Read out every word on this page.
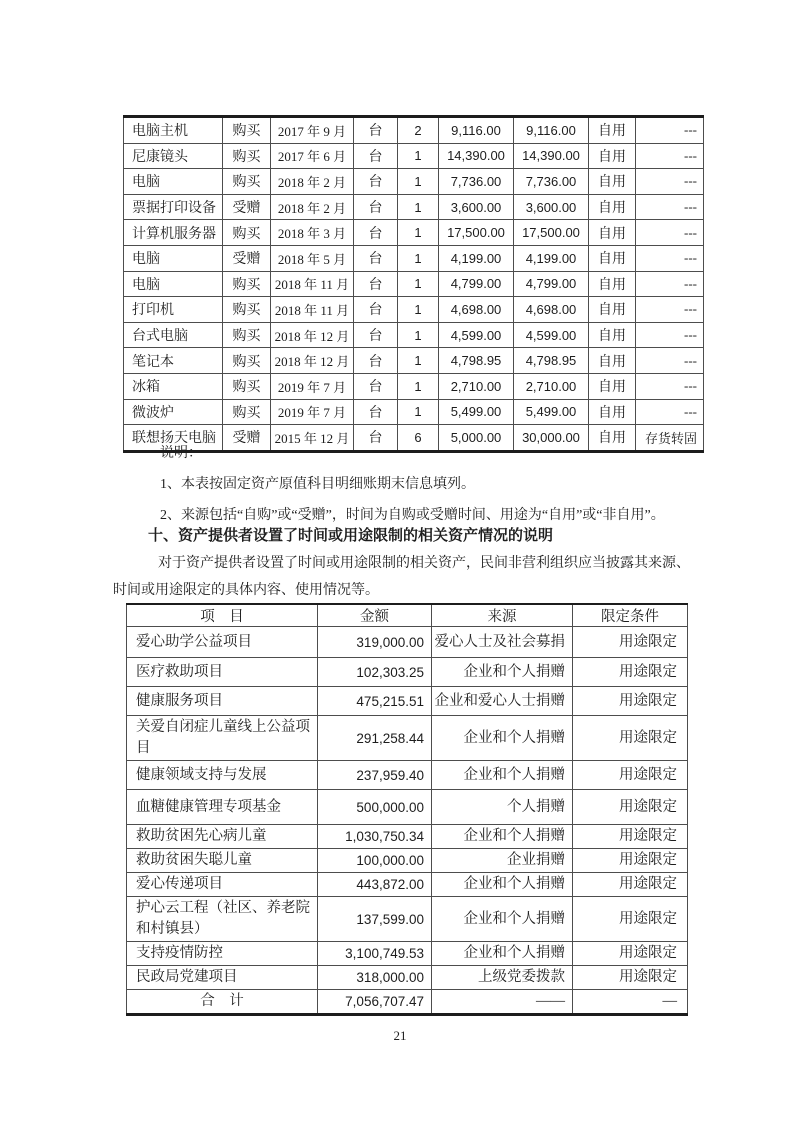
电脑主机	购买	2017 年 9 月	台	2	9,116.00	9,116.00	自用	---
尼康镜头	购买	2017 年 6 月	台	1	14,390.00	14,390.00	自用	---
电脑	购买	2018 年 2 月	台	1	7,736.00	7,736.00	自用	---
票据打印设备	受赠	2018 年 2 月	台	1	3,600.00	3,600.00	自用	---
计算机服务器	购买	2018 年 3 月	台	1	17,500.00	17,500.00	自用	---
电脑	受赠	2018 年 5 月	台	1	4,199.00	4,199.00	自用	---
电脑	购买	2018 年 11 月	台	1	4,799.00	4,799.00	自用	---
打印机	购买	2018 年 11 月	台	1	4,698.00	4,698.00	自用	---
台式电脑	购买	2018 年 12 月	台	1	4,599.00	4,599.00	自用	---
笔记本	购买	2018 年 12 月	台	1	4,798.95	4,798.95	自用	---
冰箱	购买	2019 年 7 月	台	1	2,710.00	2,710.00	自用	---
微波炉	购买	2019 年 7 月	台	1	5,499.00	5,499.00	自用	---
联想扬天电脑	受赠	2015 年 12 月	台	6	5,000.00	30,000.00	自用	存货转固
说明：
1、本表按固定资产原值科目明细账期末信息填列。
2、来源包括“自购”或“受赠”，时间为自购或受赠时间、用途为“自用”或“非自用”。
十、资产提供者设置了时间或用途限制的相关资产情况的说明
对于资产提供者设置了时间或用途限制的相关资产，民间非营利组织应当披露其来源、
时间或用途限定的具体内容、使用情况等。
项　目	金额	来源	限定条件
爱心助学公益项目	319,000.00	爱心人士及社会募捐	用途限定
医疗救助项目	102,303.25	企业和个人捐赠	用途限定
健康服务项目	475,215.51	企业和爱心人士捐赠	用途限定
关爱自闭症儿童线上公益项目	291,258.44	企业和个人捐赠	用途限定
健康领域支持与发展	237,959.40	企业和个人捐赠	用途限定
血糖健康管理专项基金	500,000.00	个人捐赠	用途限定
救助贫困先心病儿童	1,030,750.34	企业和个人捐赠	用途限定
救助贫困失聪儿童	100,000.00	企业捐赠	用途限定
爱心传递项目	443,872.00	企业和个人捐赠	用途限定
护心云工程（社区、养老院和村镇县）	137,599.00	企业和个人捐赠	用途限定
支持疫情防控	3,100,749.53	企业和个人捐赠	用途限定
民政局党建项目	318,000.00	上级党委拨款	用途限定
合　计	7,056,707.47	——	—
21
